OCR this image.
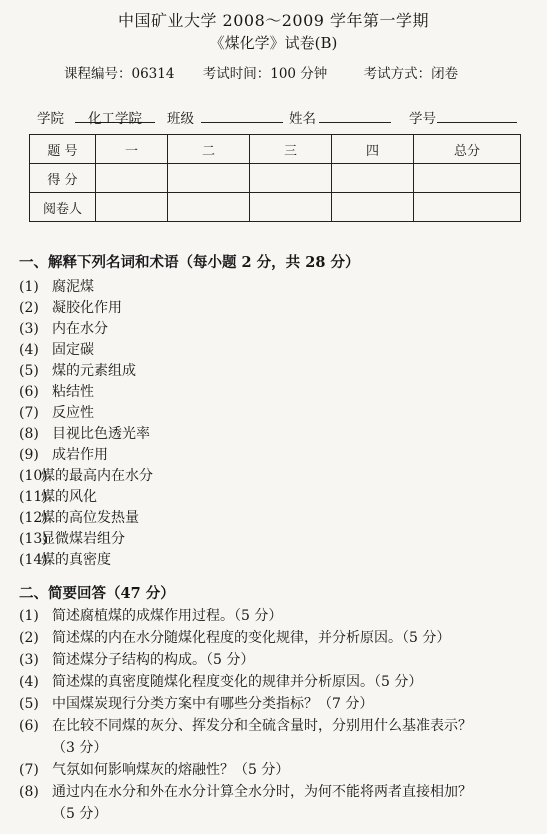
中国矿业大学 2008～2009 学年第一学期
《煤化学》试卷(B)
课程编号：06314 考试时间：100 分钟	考试方式：闭卷
学院	化工学院	班级	姓名	学号
题 号	一	二	三	四	总分
得 分					
阅卷人					
一、解释下列名词和术语（每小题 2 分，共 28 分）
(1) 腐泥煤
(2) 凝胶化作用
(3) 内在水分
(4) 固定碳
(5) 煤的元素组成
(6) 粘结性
(7) 反应性
(8) 目视比色透光率
(9) 成岩作用
(10)煤的最高内在水分
(11)煤的风化
(12)煤的高位发热量
(13)显微煤岩组分
(14)煤的真密度
二、简要回答（47 分）
(1) 简述腐植煤的成煤作用过程。（5 分）
(2) 简述煤的内在水分随煤化程度的变化规律，并分析原因。（5 分）
(3) 简述煤分子结构的构成。（5 分）
(4) 简述煤的真密度随煤化程度变化的规律并分析原因。（5 分）
(5) 中国煤炭现行分类方案中有哪些分类指标？（7 分）
(6) 在比较不同煤的灰分、挥发分和全硫含量时，分别用什么基准表示？（3 分）
(7) 气氛如何影响煤灰的熔融性？（5 分）
(8) 通过内在水分和外在水分计算全水分时，为何不能将两者直接相加？（5 分）
